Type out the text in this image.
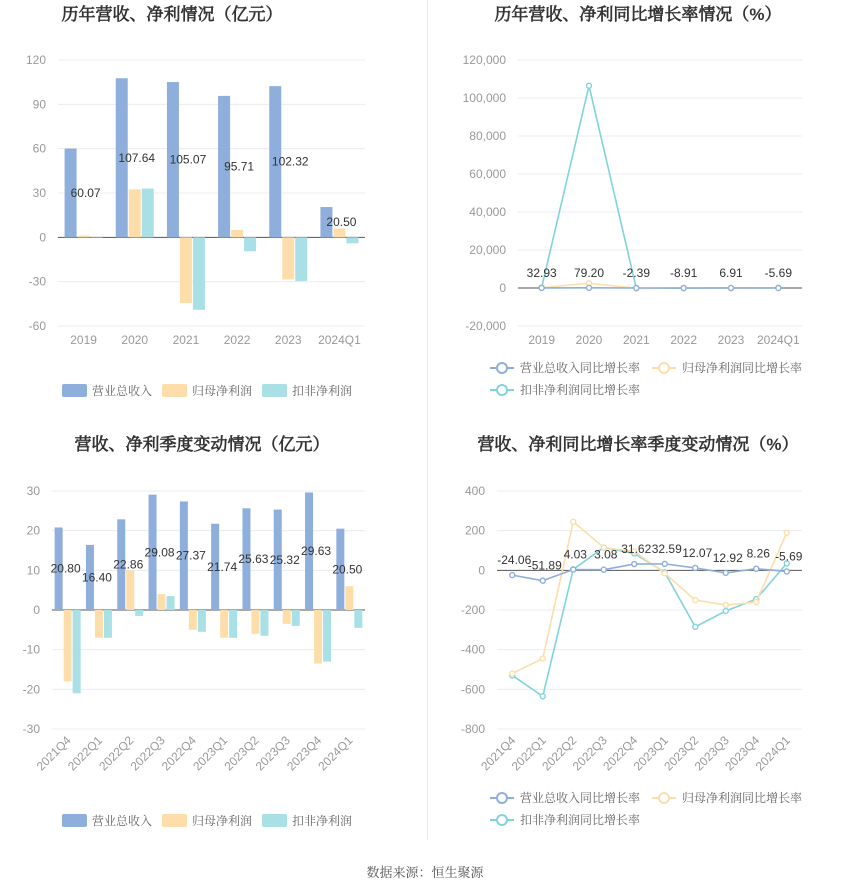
历年营收、净利情况（亿元）
120
90
60
30
0
-30
-60
2019 2020 2021 2022 2023 2024Q1
60.07
107.64 105.07 95.71 102.32
20.50
营业总收入	归母净利润	扣非净利润
历年营收、净利同比增长率情况（%）
120,000
100,000
80,000
60,000
40,000
20,000
0
-20,000
2019 2020 2021 2022 2023 2024Q1
32.93 79.20 -2.39 -8.91 6.91 -5.69
营业总收入同比增长率	归母净利润同比增长率
扣非净利润同比增长率
营收、净利季度变动情况（亿元）
30
20
10
0
-10
-20
-30
2021Q4
2022Q1
2022Q2
2022Q3
2022Q4
2023Q1
2023Q2
2023Q3
2023Q4
2024Q1
20.80
16.40
22.86
29.08 27.37
21.74
25.63 25.32
29.63
20.50
营业总收入	归母净利润	扣非净利润
营收、净利同比增长率季度变动情况（%）
400
200
0
-200
-400
-600
-800
2021Q4
2022Q1
2022Q2
2022Q3
2022Q4
2023Q1
2023Q2
2023Q3
2023Q4
2024Q1
-24.06
-51.89
4.03 3.08 31.62 32.59 12.07 12.92 8.26 -5.69
营业总收入同比增长率	归母净利润同比增长率
扣非净利润同比增长率
数据来源：恒生聚源
